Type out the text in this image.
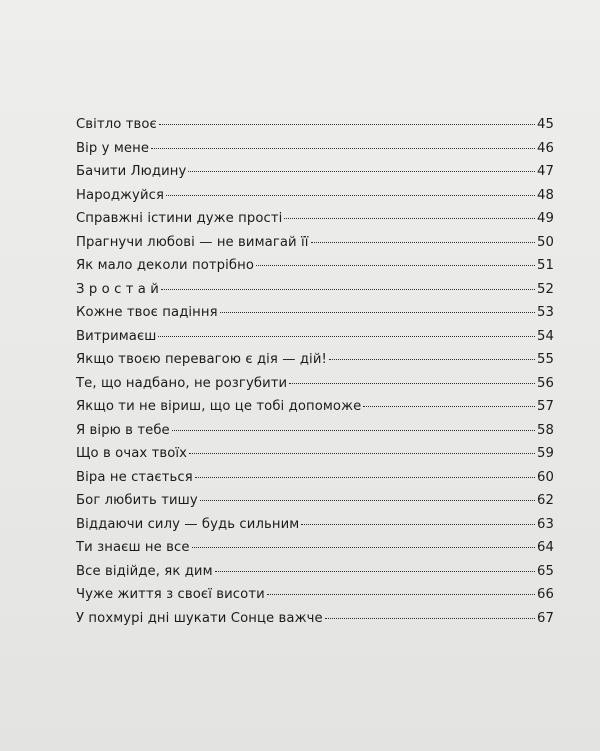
Світло твоє	45
Вір у мене	46
Бачити Людину	47
Народжуйся	48
Справжні істини дуже прості	49
Прагнучи любові — не вимагай її	50
Як мало деколи потрібно	51
З р о с т а й	52
Кожне твоє падіння	53
Витримаєш	54
Якщо твоєю перевагою є дія — дій!	55
Те, що надбано, не розгубити	56
Якщо ти не віриш, що це тобі допоможе	57
Я вірю в тебе	58
Що в очах твоїх	59
Віра не стається	60
Бог любить тишу	62
Віддаючи силу — будь сильним	63
Ти знаєш не все	64
Все відійде, як дим	65
Чуже життя з своєї висоти	66
У похмурі дні шукати Сонце важче	67
